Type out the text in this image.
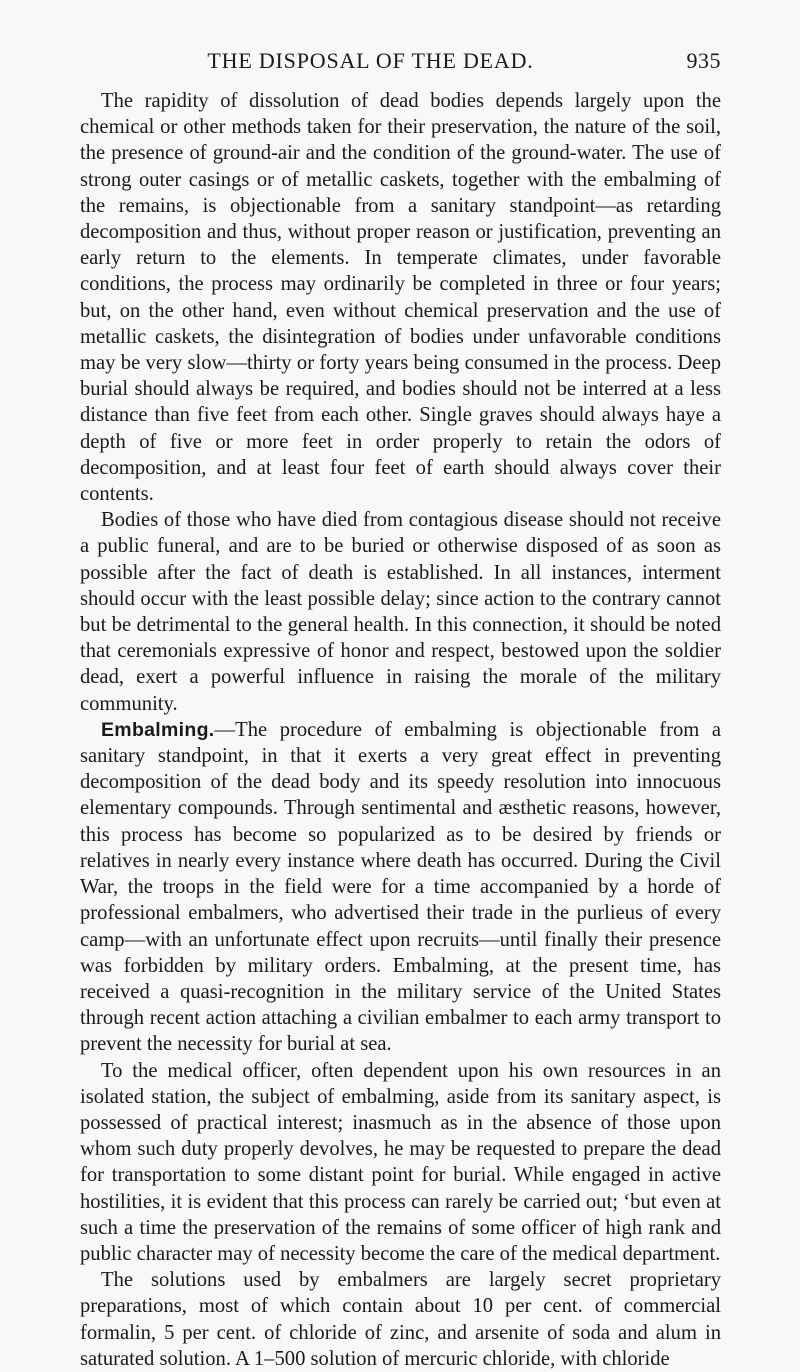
THE DISPOSAL OF THE DEAD.	935

The rapidity of dissolution of dead bodies depends largely upon the chemical or other methods taken for their preservation, the nature of the soil, the presence of ground-air and the condition of the ground-water. The use of strong outer casings or of metallic caskets, together with the embalming of the remains, is objectionable from a sanitary standpoint—as retarding decomposition and thus, without proper reason or justification, preventing an early return to the elements. In temperate climates, under favorable conditions, the process may ordinarily be completed in three or four years; but, on the other hand, even without chemical preservation and the use of metallic caskets, the disintegration of bodies under unfavorable conditions may be very slow—thirty or forty years being consumed in the process. Deep burial should always be required, and bodies should not be interred at a less distance than five feet from each other. Single graves should always haye a depth of five or more feet in order properly to retain the odors of decomposition, and at least four feet of earth should always cover their contents.

Bodies of those who have died from contagious disease should not receive a public funeral, and are to be buried or otherwise disposed of as soon as possible after the fact of death is established. In all instances, interment should occur with the least possible delay; since action to the contrary cannot but be detrimental to the general health. In this connection, it should be noted that ceremonials expressive of honor and respect, bestowed upon the soldier dead, exert a powerful influence in raising the morale of the military community.

Embalming.—The procedure of embalming is objectionable from a sanitary standpoint, in that it exerts a very great effect in preventing decomposition of the dead body and its speedy resolution into innocuous elementary compounds. Through sentimental and æsthetic reasons, however, this process has become so popularized as to be desired by friends or relatives in nearly every instance where death has occurred. During the Civil War, the troops in the field were for a time accompanied by a horde of professional embalmers, who advertised their trade in the purlieus of every camp—with an unfortunate effect upon recruits—until finally their presence was forbidden by military orders. Embalming, at the present time, has received a quasi-recognition in the military service of the United States through recent action attaching a civilian embalmer to each army transport to prevent the necessity for burial at sea.

To the medical officer, often dependent upon his own resources in an isolated station, the subject of embalming, aside from its sanitary aspect, is possessed of practical interest; inasmuch as in the absence of those upon whom such duty properly devolves, he may be requested to prepare the dead for transportation to some distant point for burial. While engaged in active hostilities, it is evident that this process can rarely be carried out; ‘but even at such a time the preservation of the remains of some officer of high rank and public character may of necessity become the care of the medical department.

The solutions used by embalmers are largely secret proprietary preparations, most of which contain about 10 per cent. of commercial formalin, 5 per cent. of chloride of zinc, and arsenite of soda and alum in saturated solution. A 1–500 solution of mercuric chloride, with chloride
